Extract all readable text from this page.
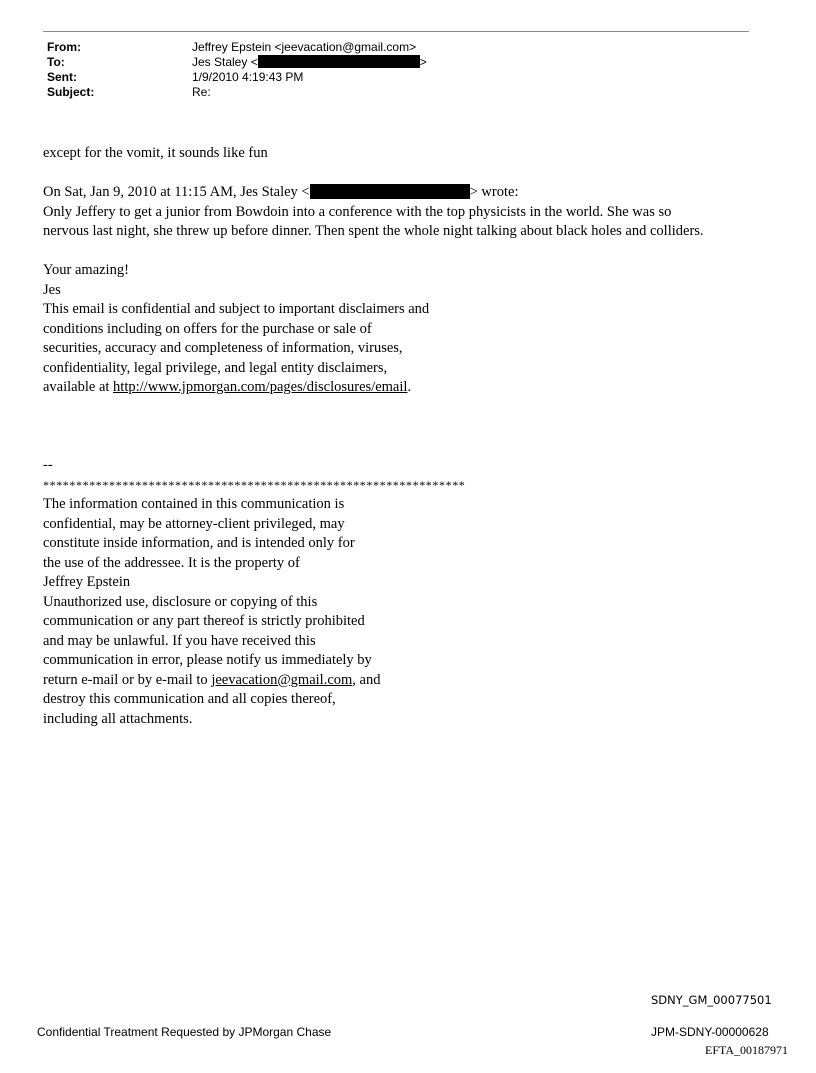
From:	Jeffrey Epstein <jeevacation@gmail.com>
To:	Jes Staley <	>
Sent:	1/9/2010 4:19:43 PM
Subject:	Re:

except for the vomit, it sounds like fun

On Sat, Jan 9, 2010 at 11:15 AM, Jes Staley <	> wrote:

Only Jeffery to get a junior from Bowdoin into a conference with the top physicists in the world. She was so

nervous last night, she threw up before dinner. Then spent the whole night talking about black holes and colliders.

Your amazing!

Jes

This email is confidential and subject to important disclaimers and

conditions including on offers for the purchase or sale of

securities, accuracy and completeness of information, viruses,

confidentiality, legal privilege, and legal entity disclaimers,

available at http://www.jpmorgan.com/pages/disclosures/email.

--

****************************************************************

The information contained in this communication is

confidential, may be attorney-client privileged, may

constitute inside information, and is intended only for

the use of the addressee. It is the property of

Jeffrey Epstein

Unauthorized use, disclosure or copying of this

communication or any part thereof is strictly prohibited

and may be unlawful. If you have received this

communication in error, please notify us immediately by

return e-mail or by e-mail to jeevacation@gmail.com, and

destroy this communication and all copies thereof,

including all attachments.

SDNY_GM_00077501
Confidential Treatment Requested by JPMorgan Chase	JPM-SDNY-00000628
EFTA_00187971
